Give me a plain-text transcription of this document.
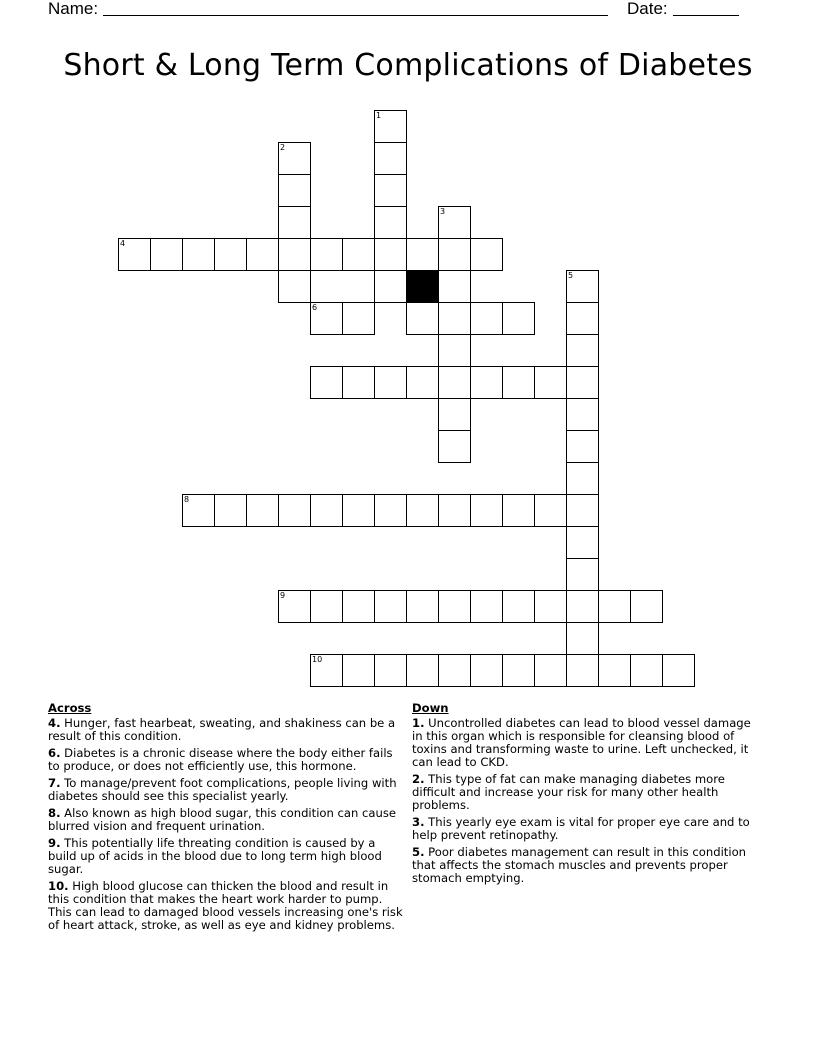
Name:	Date:
Short & Long Term Complications of Diabetes
1
2
3
4
5
6
8
9
10
Across
4. Hunger, fast hearbeat, sweating, and shakiness can be a result of this condition.
6. Diabetes is a chronic disease where the body either fails to produce, or does not efficiently use, this hormone.
7. To manage/prevent foot complications, people living with diabetes should see this specialist yearly.
8. Also known as high blood sugar, this condition can cause blurred vision and frequent urination.
9. This potentially life threating condition is caused by a build up of acids in the blood due to long term high blood sugar.
10. High blood glucose can thicken the blood and result in this condition that makes the heart work harder to pump. This can lead to damaged blood vessels increasing one's risk of heart attack, stroke, as well as eye and kidney problems.
Down
1. Uncontrolled diabetes can lead to blood vessel damage in this organ which is responsible for cleansing blood of toxins and transforming waste to urine. Left unchecked, it can lead to CKD.
2. This type of fat can make managing diabetes more difficult and increase your risk for many other health problems.
3. This yearly eye exam is vital for proper eye care and to help prevent retinopathy.
5. Poor diabetes management can result in this condition that affects the stomach muscles and prevents proper stomach emptying.
